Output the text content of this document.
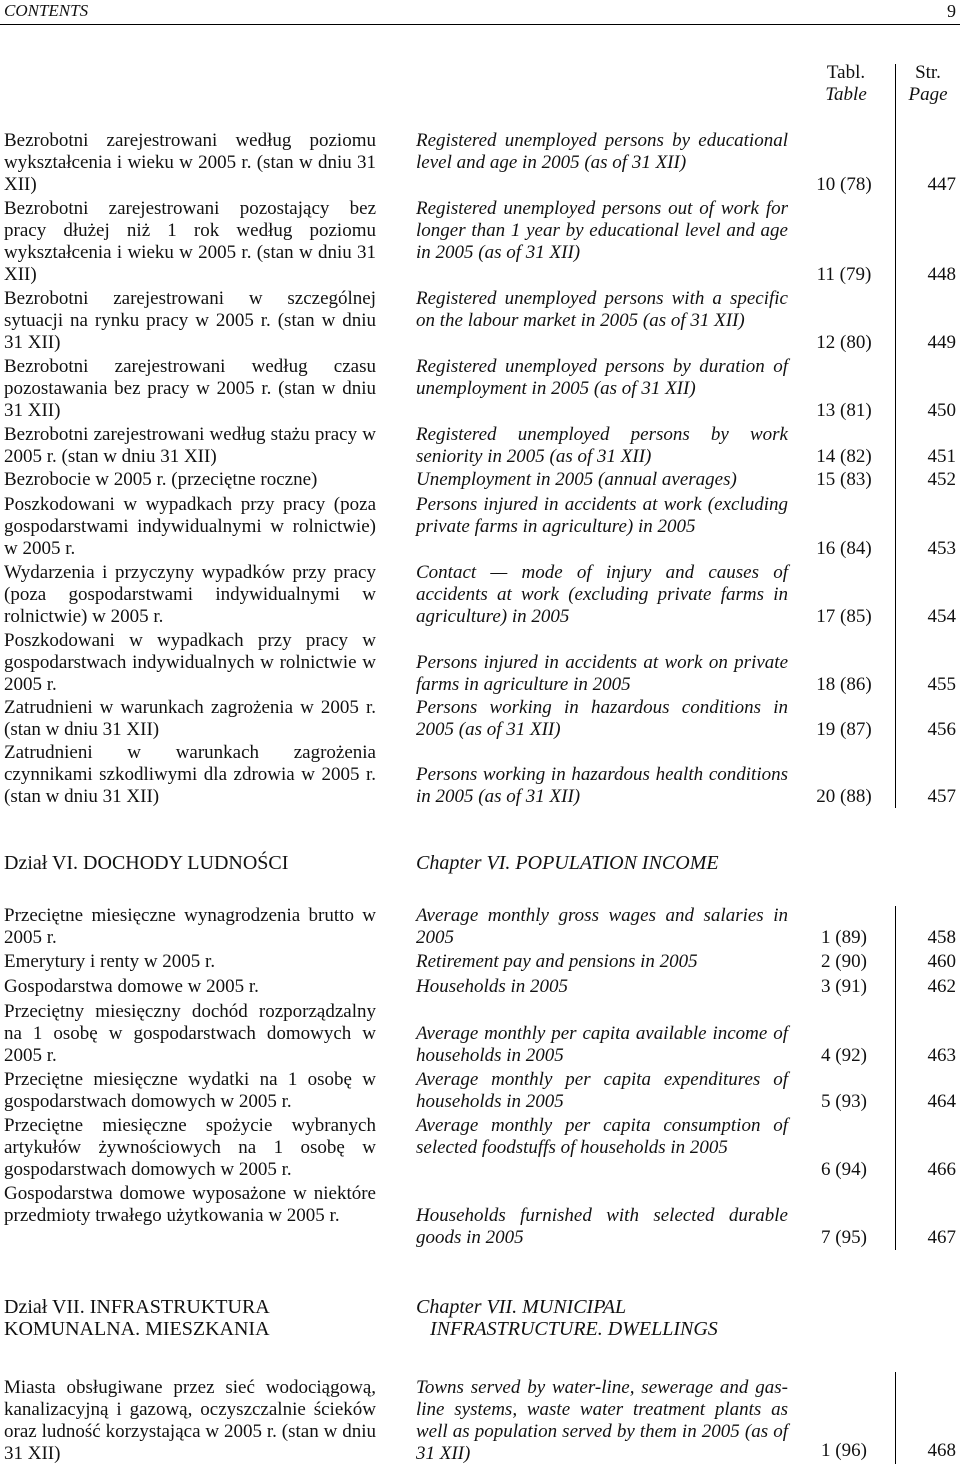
CONTENTS	9
Tabl.
Table
Str.
Page
Bezrobotni zarejestrowani według poziomu wykształcenia i wieku w 2005 r. (stan w dniu 31 XII)
Registered unemployed persons by educational level and age in 2005 (as of 31 XII)
10 (78)	447
Bezrobotni zarejestrowani pozostający bez pracy dłużej niż 1 rok według poziomu wykształcenia i wieku w 2005 r. (stan w dniu 31 XII)
Registered unemployed persons out of work for longer than 1 year by educational level and age in 2005 (as of 31 XII)
11 (79)	448
Bezrobotni zarejestrowani w szczególnej sytuacji na rynku pracy w 2005 r. (stan w dniu 31 XII)
Registered unemployed persons with a specific on the labour market in 2005 (as of 31 XII)
12 (80)	449
Bezrobotni zarejestrowani według czasu pozostawania bez pracy w 2005 r. (stan w dniu 31 XII)
Registered unemployed persons by duration of unemployment in 2005 (as of 31 XII)
13 (81)	450
Bezrobotni zarejestrowani według stażu pracy w 2005 r. (stan w dniu 31 XII)
Registered unemployed persons by work seniority in 2005 (as of 31 XII)	14 (82)	451
Bezrobocie w 2005 r. (przeciętne roczne)	Unemployment in 2005 (annual averages)	15 (83)	452
Poszkodowani w wypadkach przy pracy (poza gospodarstwami indywidualnymi w rolnictwie) w 2005 r.
Persons injured in accidents at work (excluding private farms in agriculture) in 2005
16 (84)	453
Wydarzenia i przyczyny wypadków przy pracy (poza gospodarstwami indywidualnymi w rolnictwie) w 2005 r.
Contact — mode of injury and causes of accidents at work (excluding private farms in agriculture) in 2005	17 (85)	454
Poszkodowani w wypadkach przy pracy w gospodarstwach indywidualnych w rolnictwie w 2005 r.
Persons injured in accidents at work on private farms in agriculture in 2005	18 (86)	455
Zatrudnieni w warunkach zagrożenia w 2005 r. (stan w dniu 31 XII)
Persons working in hazardous conditions in 2005 (as of 31 XII)	19 (87)	456
Zatrudnieni w warunkach zagrożenia czynnikami szkodliwymi dla zdrowia w 2005 r. (stan w dniu 31 XII)
Persons working in hazardous health conditions in 2005 (as of 31 XII)	20 (88)	457
Dział VI. DOCHODY LUDNOŚCI	Chapter VI. POPULATION INCOME
Przeciętne miesięczne wynagrodzenia brutto w 2005 r.
Average monthly gross wages and salaries in 2005	1 (89)	458
Emerytury i renty w 2005 r.	Retirement pay and pensions in 2005	2 (90)	460
Gospodarstwa domowe w 2005 r.	Households in 2005	3 (91)	462
Przeciętny miesięczny dochód rozporządzalny na 1 osobę w gospodarstwach domowych w 2005 r.
Average monthly per capita available income of households in 2005	4 (92)	463
Przeciętne miesięczne wydatki na 1 osobę w gospodarstwach domowych w 2005 r.
Average monthly per capita expenditures of households in 2005	5 (93)	464
Przeciętne miesięczne spożycie wybranych artykułów żywnościowych na 1 osobę w gospodarstwach domowych w 2005 r.
Average monthly per capita consumption of selected foodstuffs of households in 2005
6 (94)	466
Gospodarstwa domowe wyposażone w niektóre przedmioty trwałego użytkowania w 2005 r.	Households furnished with selected durable goods in 2005	7 (95)	467
Dział VII. INFRASTRUKTURA
KOMUNALNA. MIESZKANIA
Chapter VII. MUNICIPAL
INFRASTRUCTURE. DWELLINGS
Miasta obsługiwane przez sieć wodociągową, kanalizacyjną i gazową, oczyszczalnie ścieków oraz ludność korzystająca w 2005 r. (stan w dniu 31 XII)
Towns served by water-line, sewerage and gas-line systems, waste water treatment plants as well as population served by them in 2005 (as of 31 XII)	1 (96)	468
